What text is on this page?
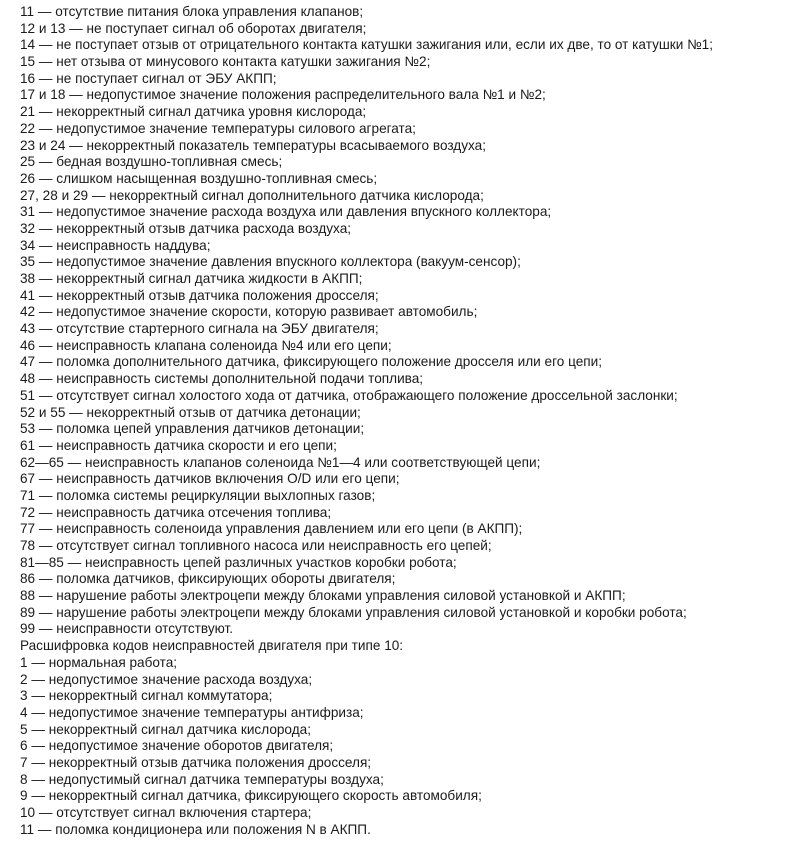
11 — отсутствие питания блока управления клапанов;
12 и 13 — не поступает сигнал об оборотах двигателя;
14 — не поступает отзыв от отрицательного контакта катушки зажигания или, если их две, то от катушки №1;
15 — нет отзыва от минусового контакта катушки зажигания №2;
16 — не поступает сигнал от ЭБУ АКПП;
17 и 18 — недопустимое значение положения распределительного вала №1 и №2;
21 — некорректный сигнал датчика уровня кислорода;
22 — недопустимое значение температуры силового агрегата;
23 и 24 — некорректный показатель температуры всасываемого воздуха;
25 — бедная воздушно-топливная смесь;
26 — слишком насыщенная воздушно-топливная смесь;
27, 28 и 29 — некорректный сигнал дополнительного датчика кислорода;
31 — недопустимое значение расхода воздуха или давления впускного коллектора;
32 — некорректный отзыв датчика расхода воздуха;
34 — неисправность наддува;
35 — недопустимое значение давления впускного коллектора (вакуум-сенсор);
38 — некорректный сигнал датчика жидкости в АКПП;
41 — некорректный отзыв датчика положения дросселя;
42 — недопустимое значение скорости, которую развивает автомобиль;
43 — отсутствие стартерного сигнала на ЭБУ двигателя;
46 — неисправность клапана соленоида №4 или его цепи;
47 — поломка дополнительного датчика, фиксирующего положение дросселя или его цепи;
48 — неисправность системы дополнительной подачи топлива;
51 — отсутствует сигнал холостого хода от датчика, отображающего положение дроссельной заслонки;
52 и 55 — некорректный отзыв от датчика детонации;
53 — поломка цепей управления датчиков детонации;
61 — неисправность датчика скорости и его цепи;
62—65 — неисправность клапанов соленоида №1—4 или соответствующей цепи;
67 — неисправность датчиков включения O/D или его цепи;
71 — поломка системы рециркуляции выхлопных газов;
72 — неисправность датчика отсечения топлива;
77 — неисправность соленоида управления давлением или его цепи (в АКПП);
78 — отсутствует сигнал топливного насоса или неисправность его цепей;
81—85 — неисправность цепей различных участков коробки робота;
86 — поломка датчиков, фиксирующих обороты двигателя;
88 — нарушение работы электроцепи между блоками управления силовой установкой и АКПП;
89 — нарушение работы электроцепи между блоками управления силовой установкой и коробки робота;
99 — неисправности отсутствуют.
Расшифровка кодов неисправностей двигателя при типе 10:
1 — нормальная работа;
2 — недопустимое значение расхода воздуха;
3 — некорректный сигнал коммутатора;
4 — недопустимое значение температуры антифриза;
5 — некорректный сигнал датчика кислорода;
6 — недопустимое значение оборотов двигателя;
7 — некорректный отзыв датчика положения дросселя;
8 — недопустимый сигнал датчика температуры воздуха;
9 — некорректный сигнал датчика, фиксирующего скорость автомобиля;
10 — отсутствует сигнал включения стартера;
11 — поломка кондиционера или положения N в АКПП.
